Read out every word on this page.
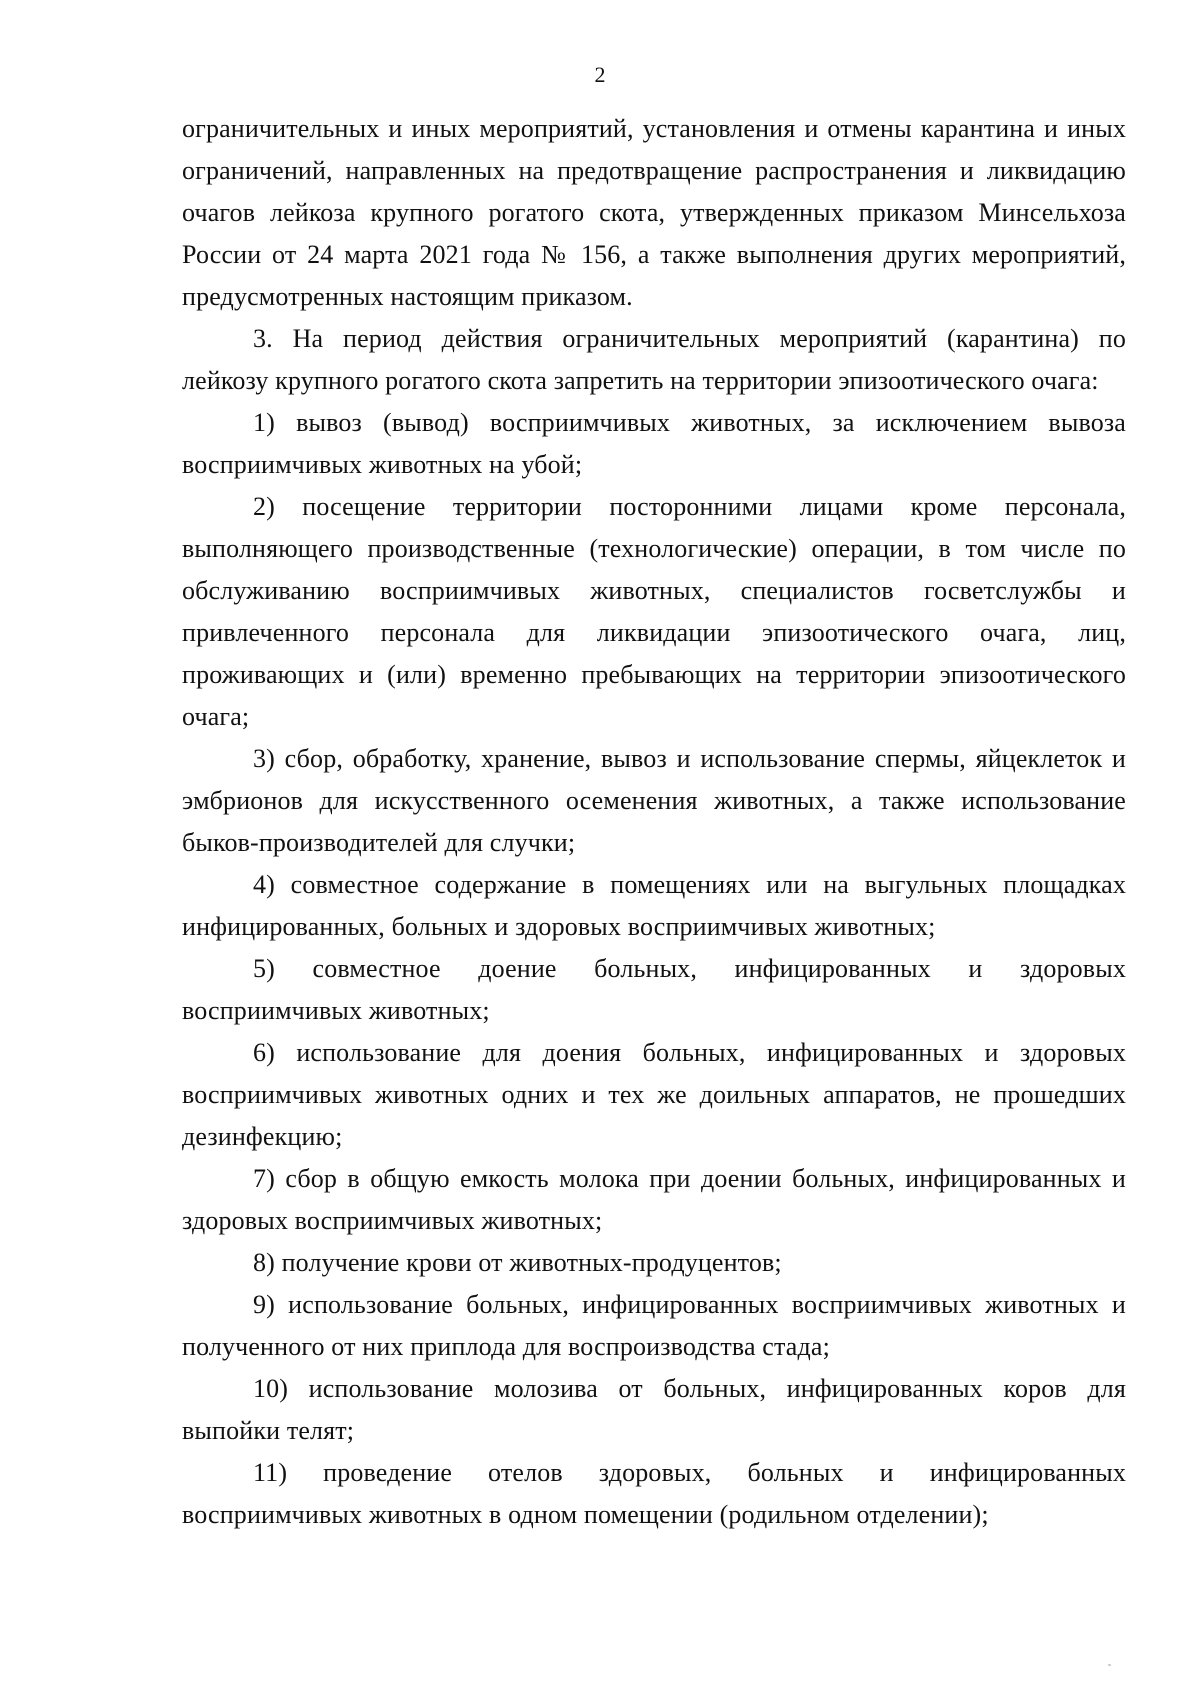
2

ограничительных и иных мероприятий, установления и отмены карантина и иных ограничений, направленных на предотвращение распространения и ликвидацию очагов лейкоза крупного рогатого скота, утвержденных приказом Минсельхоза России от 24 марта 2021 года № 156, а также выполнения других мероприятий, предусмотренных настоящим приказом.

3. На период действия ограничительных мероприятий (карантина) по лейкозу крупного рогатого скота запретить на территории эпизоотического очага:

1) вывоз (вывод) восприимчивых животных, за исключением вывоза восприимчивых животных на убой;

2) посещение территории посторонними лицами кроме персонала, выполняющего производственные (технологические) операции, в том числе по обслуживанию восприимчивых животных, специалистов госветслужбы и привлеченного персонала для ликвидации эпизоотического очага, лиц, проживающих и (или) временно пребывающих на территории эпизоотического очага;

3) сбор, обработку, хранение, вывоз и использование спермы, яйцеклеток и эмбрионов для искусственного осеменения животных, а также использование быков-производителей для случки;

4) совместное содержание в помещениях или на выгульных площадках инфицированных, больных и здоровых восприимчивых животных;

5) совместное доение больных, инфицированных и здоровых восприимчивых животных;

6) использование для доения больных, инфицированных и здоровых восприимчивых животных одних и тех же доильных аппаратов, не прошедших дезинфекцию;

7) сбор в общую емкость молока при доении больных, инфицированных и здоровых восприимчивых животных;

8) получение крови от животных-продуцентов;

9) использование больных, инфицированных восприимчивых животных и полученного от них приплода для воспроизводства стада;

10) использование молозива от больных, инфицированных коров для выпойки телят;

11) проведение отелов здоровых, больных и инфицированных восприимчивых животных в одном помещении (родильном отделении);
